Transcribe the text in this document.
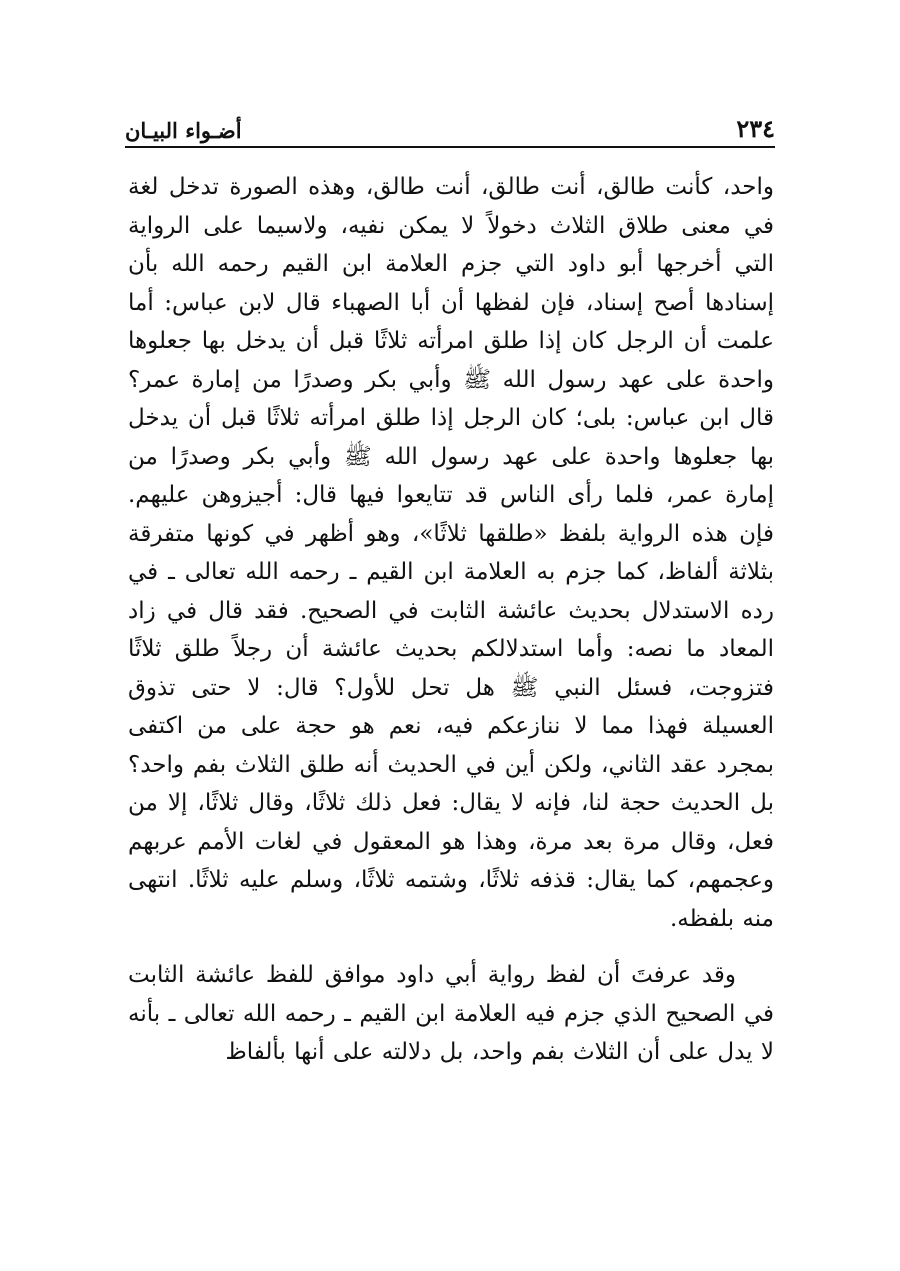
٢٣٤
أضـواء البيـان

واحد، كأنت طالق، أنت طالق، أنت طالق، وهذه الصورة تدخل لغة في معنى طلاق الثلاث دخولاً لا يمكن نفيه، ولاسيما على الرواية التي أخرجها أبو داود التي جزم العلامة ابن القيم رحمه الله بأن إسنادها أصح إسناد، فإن لفظها أن أبا الصهباء قال لابن عباس: أما علمت أن الرجل كان إذا طلق امرأته ثلاثًا قبل أن يدخل بها جعلوها واحدة على عهد رسول الله ﷺ وأبي بكر وصدرًا من إمارة عمر؟ قال ابن عباس: بلى؛ كان الرجل إذا طلق امرأته ثلاثًا قبل أن يدخل بها جعلوها واحدة على عهد رسول الله ﷺ وأبي بكر وصدرًا من إمارة عمر، فلما رأى الناس قد تتايعوا فيها قال: أجيزوهن عليهم. فإن هذه الرواية بلفظ «طلقها ثلاثًا»، وهو أظهر في كونها متفرقة بثلاثة ألفاظ، كما جزم به العلامة ابن القيم ـ رحمه الله تعالى ـ في رده الاستدلال بحديث عائشة الثابت في الصحيح. فقد قال في زاد المعاد ما نصه: وأما استدلالكم بحديث عائشة أن رجلاً طلق ثلاثًا فتزوجت، فسئل النبي ﷺ هل تحل للأول؟ قال: لا حتى تذوق العسيلة فهذا مما لا ننازعكم فيه، نعم هو حجة على من اكتفى بمجرد عقد الثاني، ولكن أين في الحديث أنه طلق الثلاث بفم واحد؟ بل الحديث حجة لنا، فإنه لا يقال: فعل ذلك ثلاثًا، وقال ثلاثًا، إلا من فعل، وقال مرة بعد مرة، وهذا هو المعقول في لغات الأمم عربهم وعجمهم، كما يقال: قذفه ثلاثًا، وشتمه ثلاثًا، وسلم عليه ثلاثًا. انتهى منه بلفظه.

وقد عرفتَ أن لفظ رواية أبي داود موافق للفظ عائشة الثابت في الصحيح الذي جزم فيه العلامة ابن القيم ـ رحمه الله تعالى ـ بأنه لا يدل على أن الثلاث بفم واحد، بل دلالته على أنها بألفاظ
